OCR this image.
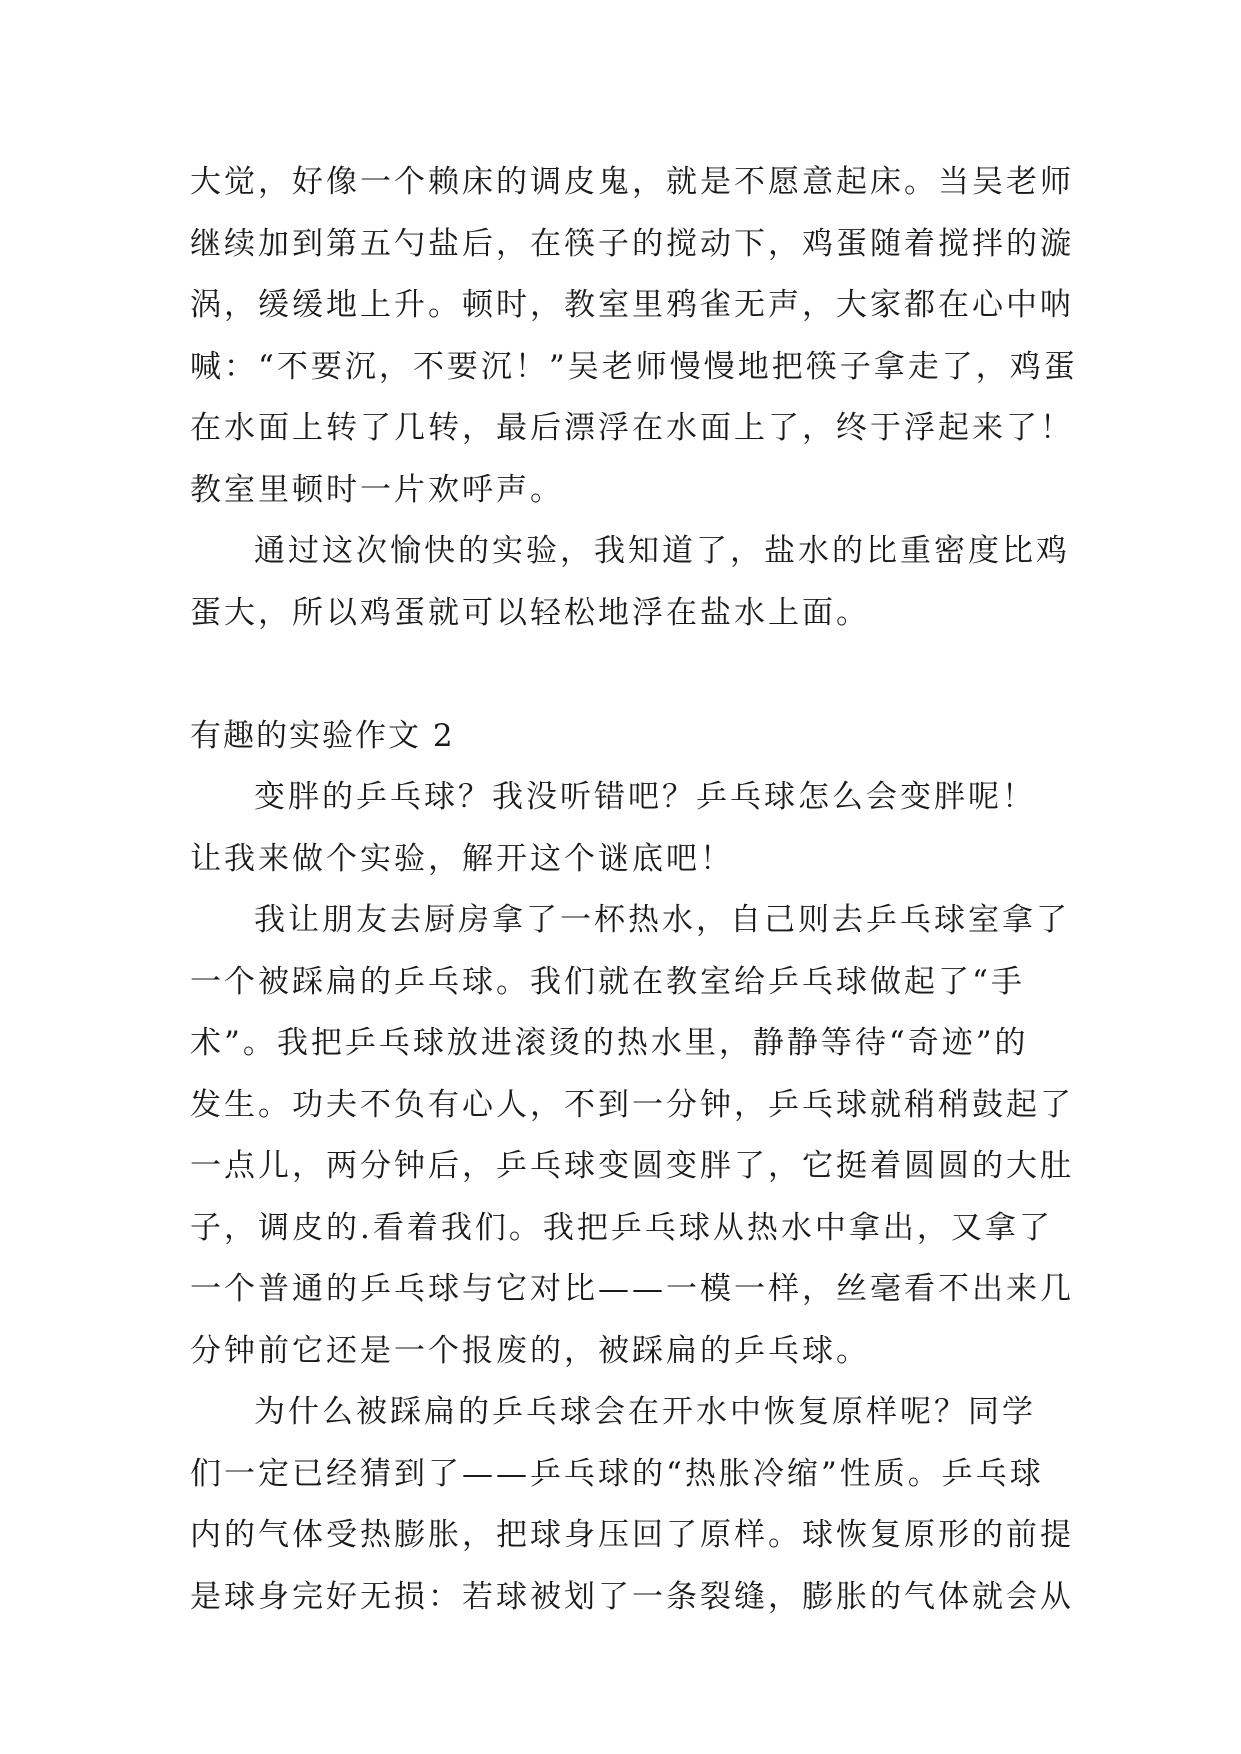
大觉，好像一个赖床的调皮鬼，就是不愿意起床。当吴老师
继续加到第五勺盐后，在筷子的搅动下，鸡蛋随着搅拌的漩
涡，缓缓地上升。顿时，教室里鸦雀无声，大家都在心中呐
喊：“不要沉，不要沉！”吴老师慢慢地把筷子拿走了，鸡蛋
在水面上转了几转，最后漂浮在水面上了，终于浮起来了！
教室里顿时一片欢呼声。
通过这次愉快的实验，我知道了，盐水的比重密度比鸡
蛋大，所以鸡蛋就可以轻松地浮在盐水上面。
有趣的实验作文 2
变胖的乒乓球？我没听错吧？乒乓球怎么会变胖呢！
让我来做个实验，解开这个谜底吧！
我让朋友去厨房拿了一杯热水，自己则去乒乓球室拿了
一个被踩扁的乒乓球。我们就在教室给乒乓球做起了“手
术”。我把乒乓球放进滚烫的热水里，静静等待“奇迹”的
发生。功夫不负有心人，不到一分钟，乒乓球就稍稍鼓起了
一点儿，两分钟后，乒乓球变圆变胖了，它挺着圆圆的大肚
子，调皮的.看着我们。我把乒乓球从热水中拿出，又拿了
一个普通的乒乓球与它对比——一模一样，丝毫看不出来几
分钟前它还是一个报废的，被踩扁的乒乓球。
为什么被踩扁的乒乓球会在开水中恢复原样呢？同学
们一定已经猜到了——乒乓球的“热胀冷缩”性质。乒乓球
内的气体受热膨胀，把球身压回了原样。球恢复原形的前提
是球身完好无损：若球被划了一条裂缝，膨胀的气体就会从
